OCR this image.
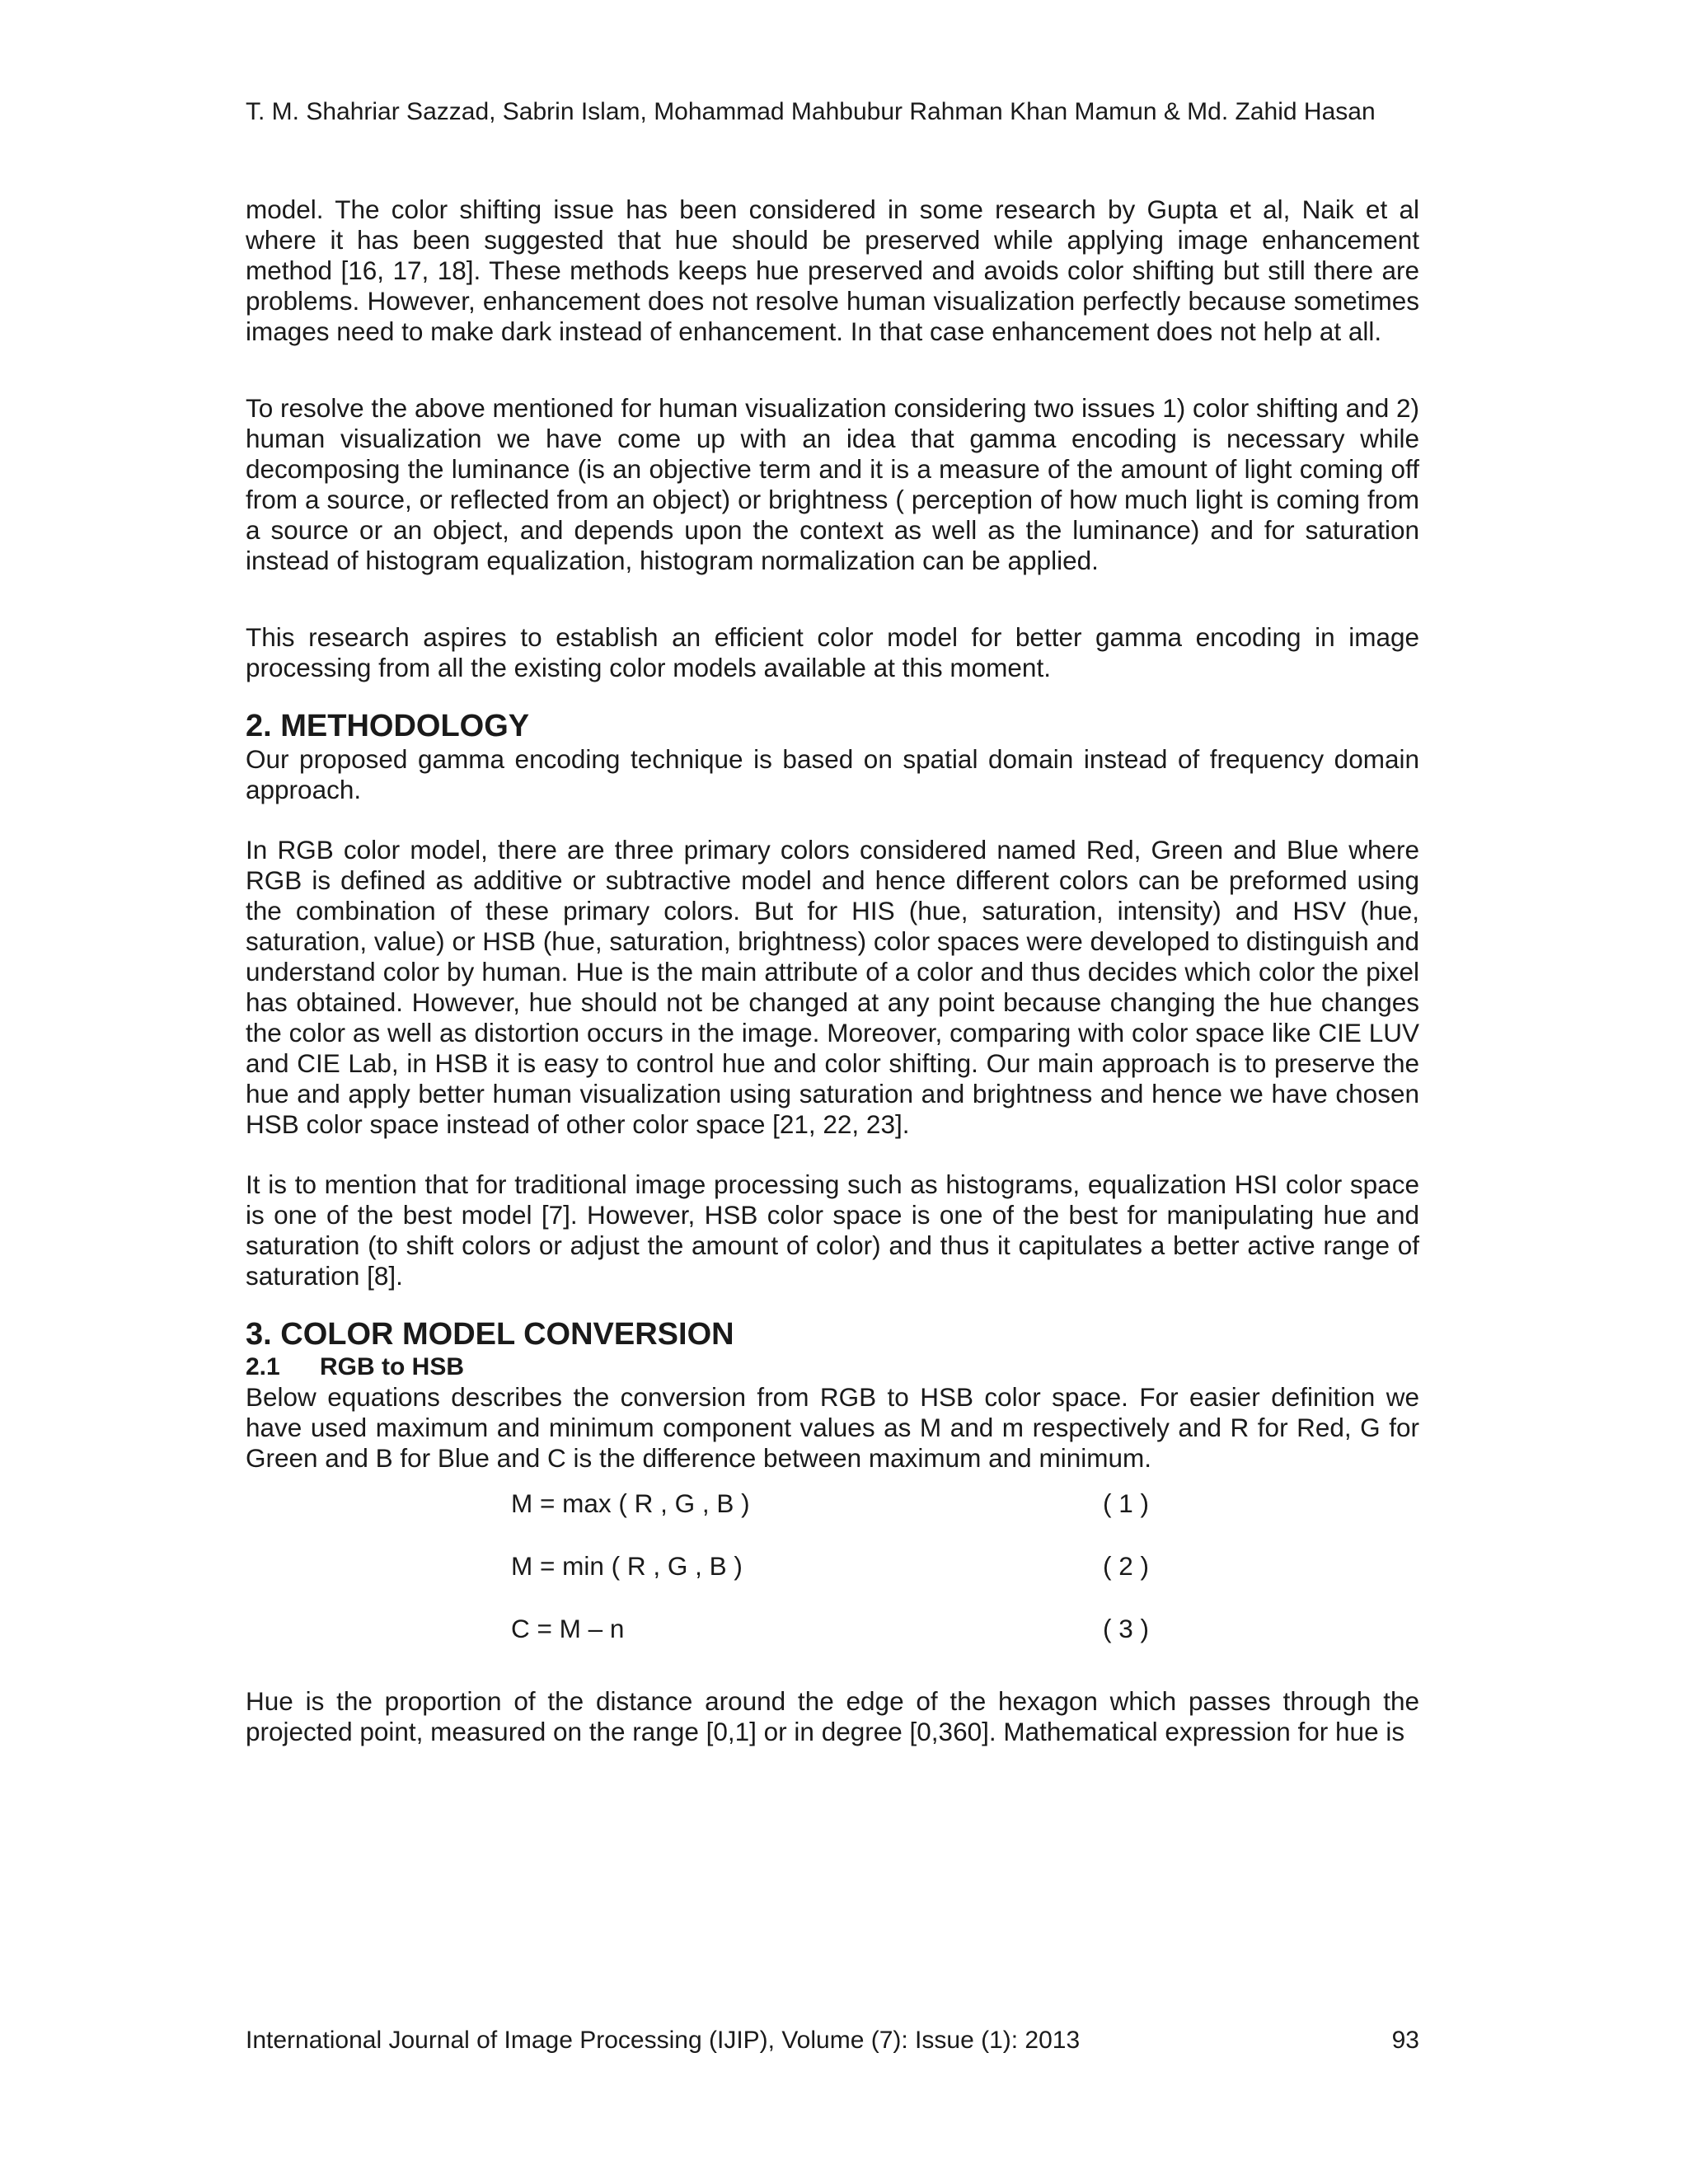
T. M. Shahriar Sazzad, Sabrin Islam, Mohammad Mahbubur Rahman Khan Mamun & Md. Zahid Hasan

model. The color shifting issue has been considered in some research by Gupta et al, Naik et al where it has been suggested that hue should be preserved while applying image enhancement method [16, 17, 18]. These methods keeps hue preserved and avoids color shifting but still there are problems. However, enhancement does not resolve human visualization perfectly because sometimes images need to make dark instead of enhancement. In that case enhancement does not help at all.

To resolve the above mentioned for human visualization considering two issues 1) color shifting and 2) human visualization we have come up with an idea that gamma encoding is necessary while decomposing the luminance (is an objective term and it is a measure of the amount of light coming off from a source, or reflected from an object) or brightness ( perception of how much light is coming from a source or an object, and depends upon the context as well as the luminance) and for saturation instead of histogram equalization, histogram normalization can be applied.

This research aspires to establish an efficient color model for better gamma encoding in image processing from all the existing color models available at this moment.

2. METHODOLOGY

Our proposed gamma encoding technique is based on spatial domain instead of frequency domain approach.

In RGB color model, there are three primary colors considered named Red, Green and Blue where RGB is defined as additive or subtractive model and hence different colors can be preformed using the combination of these primary colors. But for HIS (hue, saturation, intensity) and HSV (hue, saturation, value) or HSB (hue, saturation, brightness) color spaces were developed to distinguish and understand color by human. Hue is the main attribute of a color and thus decides which color the pixel has obtained. However, hue should not be changed at any point because changing the hue changes the color as well as distortion occurs in the image. Moreover, comparing with color space like CIE LUV and CIE Lab, in HSB it is easy to control hue and color shifting. Our main approach is to preserve the hue and apply better human visualization using saturation and brightness and hence we have chosen HSB color space instead of other color space [21, 22, 23].

It is to mention that for traditional image processing such as histograms, equalization HSI color space is one of the best model [7]. However, HSB color space is one of the best for manipulating hue and saturation (to shift colors or adjust the amount of color) and thus it capitulates a better active range of saturation [8].

3. COLOR MODEL CONVERSION
2.1 RGB to HSB

Below equations describes the conversion from RGB to HSB color space. For easier definition we have used maximum and minimum component values as M and m respectively and R for Red, G for Green and B for Blue and C is the difference between maximum and minimum.

M = max ( R , G , B )	( 1 )
M = min ( R , G , B )	( 2 )
C = M – n	( 3 )

Hue is the proportion of the distance around the edge of the hexagon which passes through the projected point, measured on the range [0,1] or in degree [0,360]. Mathematical expression for hue is

International Journal of Image Processing (IJIP), Volume (7): Issue (1): 2013	93
